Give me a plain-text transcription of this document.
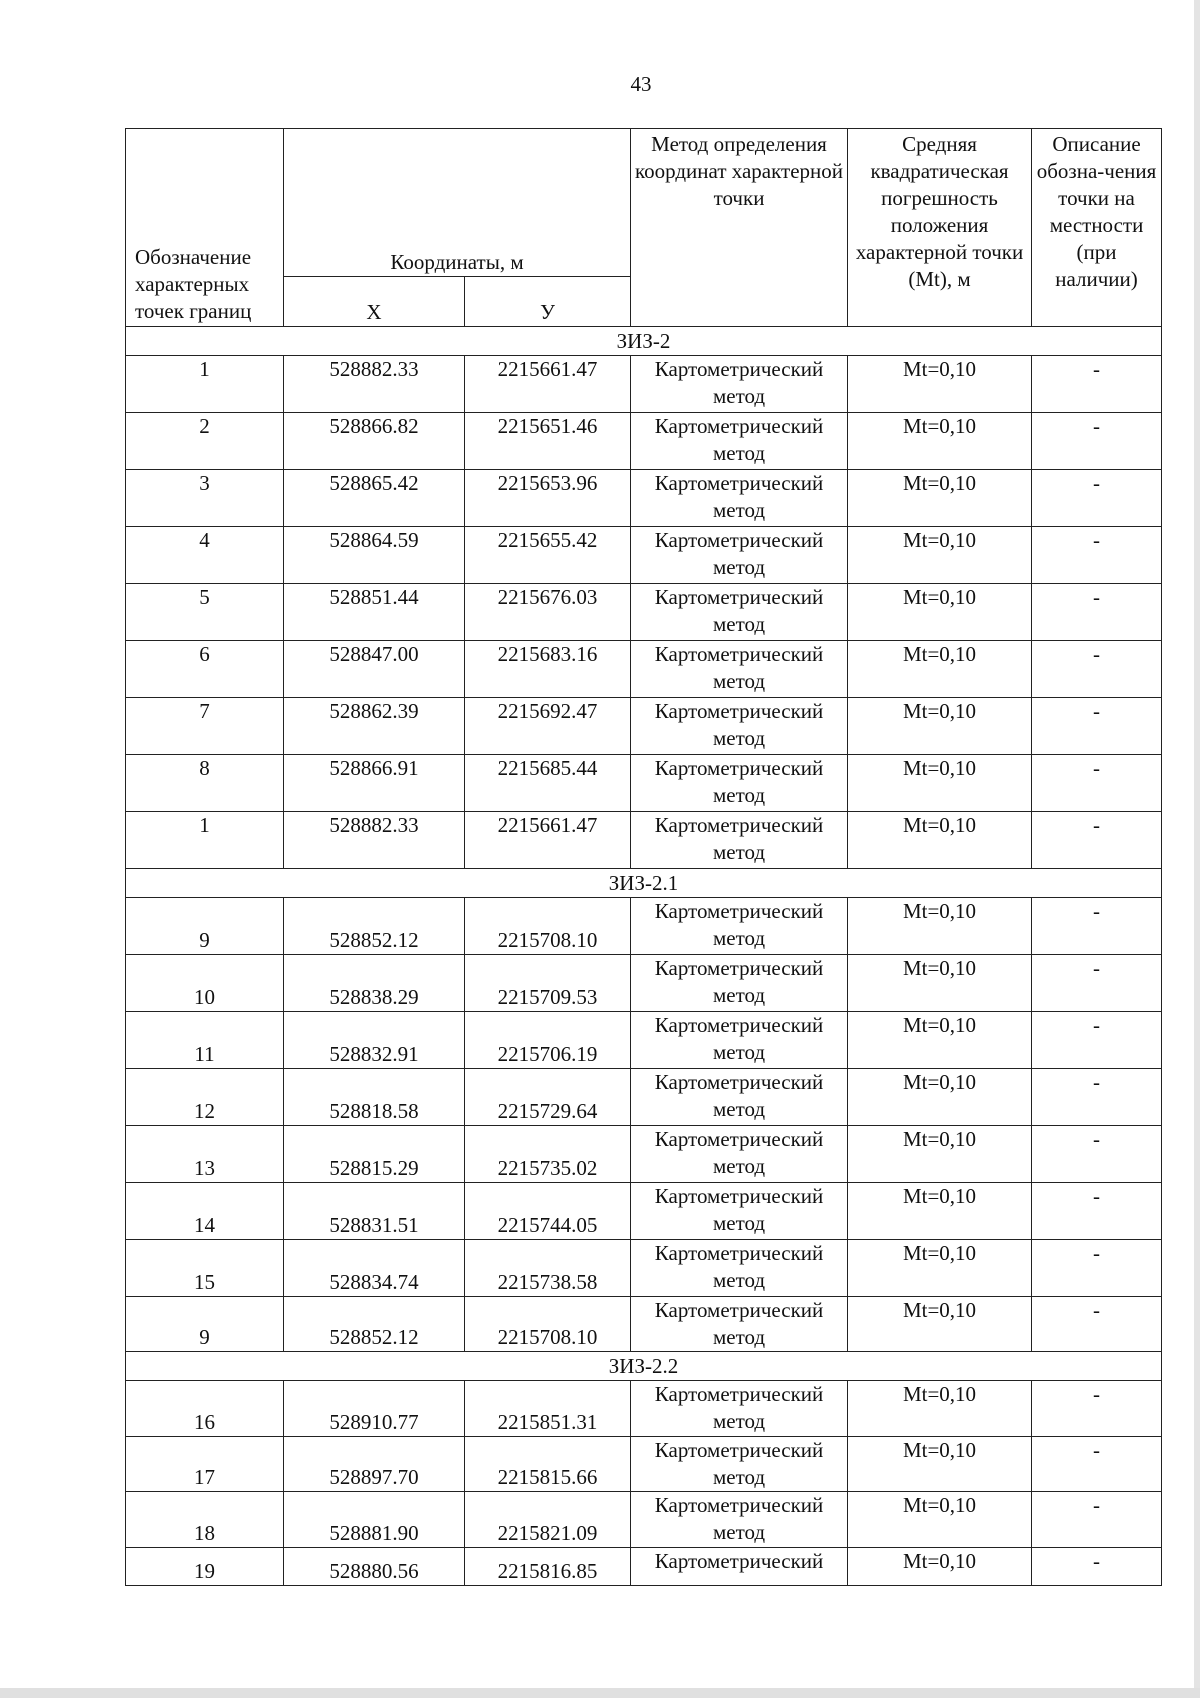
43
Обозначение характерных точек границ	Координаты, м		Метод определения координат характерной точки	Средняя квадратическая погрешность положения характерной точки (Mt), м	Описание обозна-чения точки на местности (при наличии)
	X	У			
ЗИЗ-2					
1	528882.33	2215661.47	Картометрический метод	Mt=0,10	-
2	528866.82	2215651.46	Картометрический метод	Mt=0,10	-
3	528865.42	2215653.96	Картометрический метод	Mt=0,10	-
4	528864.59	2215655.42	Картометрический метод	Mt=0,10	-
5	528851.44	2215676.03	Картометрический метод	Mt=0,10	-
6	528847.00	2215683.16	Картометрический метод	Mt=0,10	-
7	528862.39	2215692.47	Картометрический метод	Mt=0,10	-
8	528866.91	2215685.44	Картометрический метод	Mt=0,10	-
1	528882.33	2215661.47	Картометрический метод	Mt=0,10	-
ЗИЗ-2.1					
9	528852.12	2215708.10	Картометрический метод	Mt=0,10	-
10	528838.29	2215709.53	Картометрический метод	Mt=0,10	-
11	528832.91	2215706.19	Картометрический метод	Mt=0,10	-
12	528818.58	2215729.64	Картометрический метод	Mt=0,10	-
13	528815.29	2215735.02	Картометрический метод	Mt=0,10	-
14	528831.51	2215744.05	Картометрический метод	Mt=0,10	-
15	528834.74	2215738.58	Картометрический метод	Mt=0,10	-
9	528852.12	2215708.10	Картометрический метод	Mt=0,10	-
ЗИЗ-2.2					
16	528910.77	2215851.31	Картометрический метод	Mt=0,10	-
17	528897.70	2215815.66	Картометрический метод	Mt=0,10	-
18	528881.90	2215821.09	Картометрический метод	Mt=0,10	-
19	528880.56	2215816.85	Картометрический	Mt=0,10	-
